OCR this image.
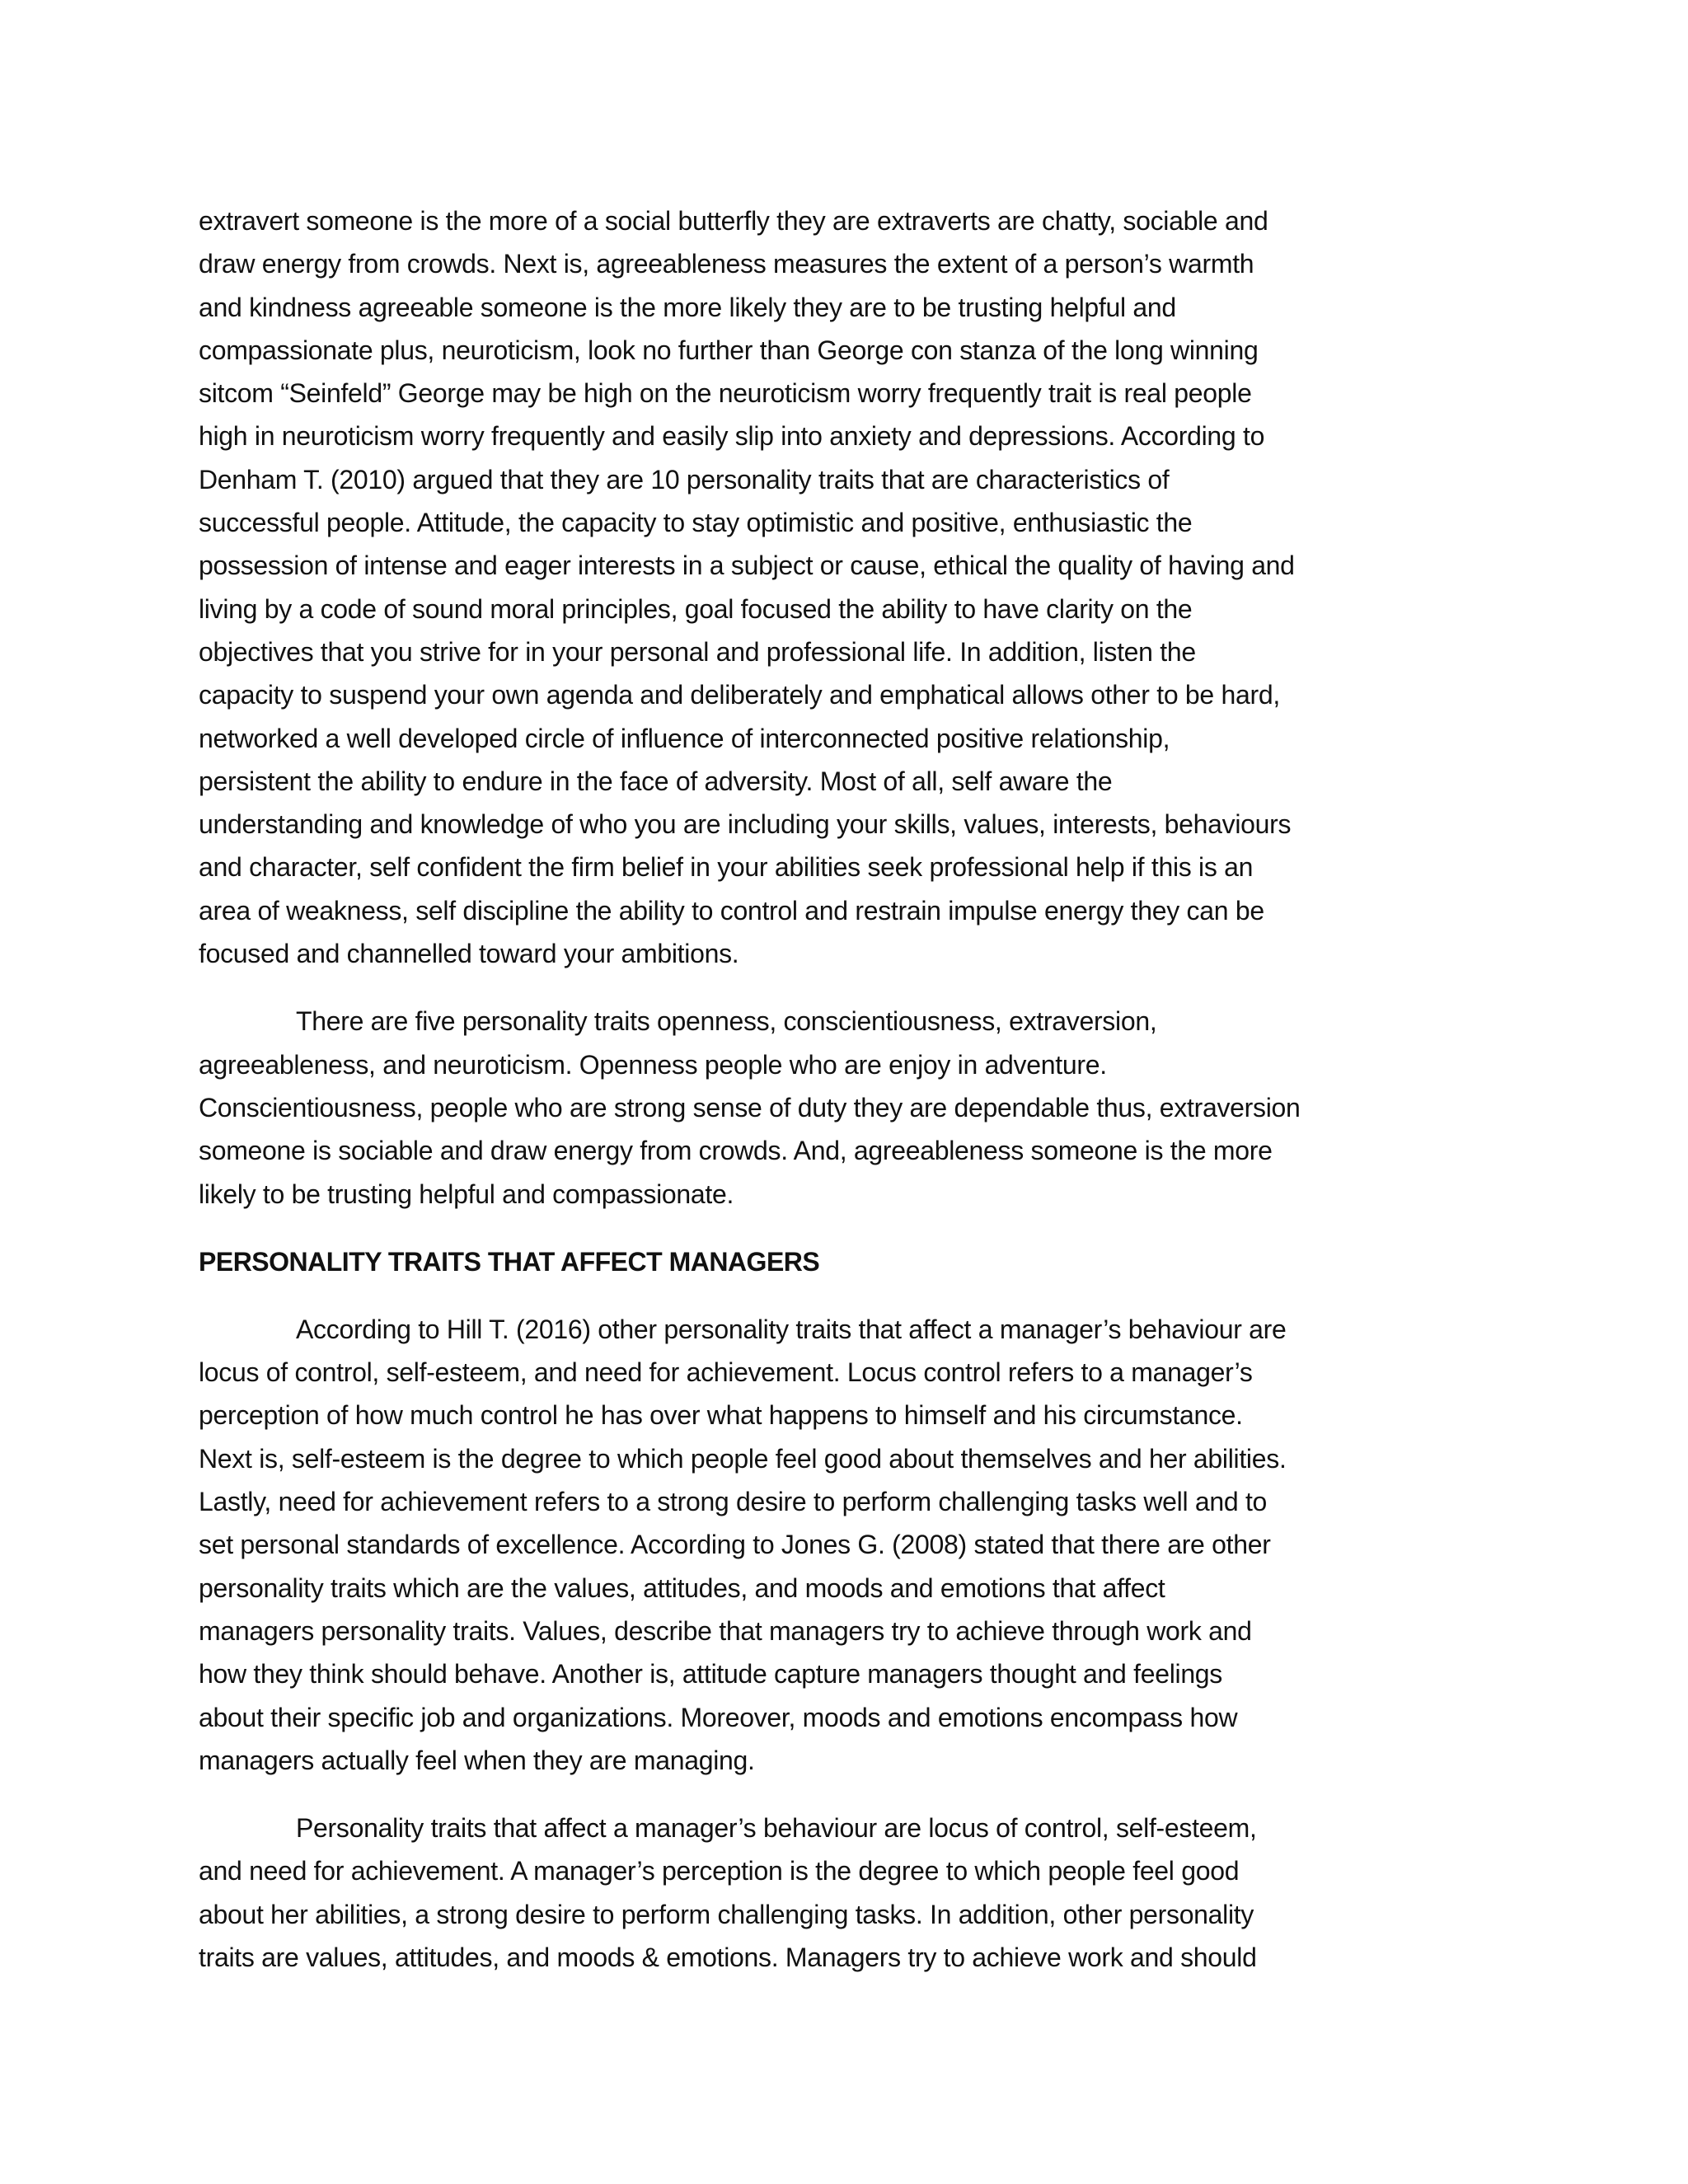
extravert someone is the more of a social butterfly they are extraverts are chatty, sociable and
draw energy from crowds. Next is, agreeableness measures the extent of a person’s warmth
and kindness agreeable someone is the more likely they are to be trusting helpful and
compassionate plus, neuroticism, look no further than George con stanza of the long winning
sitcom “Seinfeld” George may be high on the neuroticism worry frequently trait is real people
high in neuroticism worry frequently and easily slip into anxiety and depressions. According to
Denham T. (2010) argued that they are 10 personality traits that are characteristics of
successful people. Attitude, the capacity to stay optimistic and positive, enthusiastic the
possession of intense and eager interests in a subject or cause, ethical the quality of having and
living by a code of sound moral principles, goal focused the ability to have clarity on the
objectives that you strive for in your personal and professional life. In addition, listen the
capacity to suspend your own agenda and deliberately and emphatical allows other to be hard,
networked a well developed circle of influence of interconnected positive relationship,
persistent the ability to endure in the face of adversity. Most of all, self aware the
understanding and knowledge of who you are including your skills, values, interests, behaviours
and character, self confident the firm belief in your abilities seek professional help if this is an
area of weakness, self discipline the ability to control and restrain impulse energy they can be
focused and channelled toward your ambitions.
There are five personality traits openness, conscientiousness, extraversion,
agreeableness, and neuroticism. Openness people who are enjoy in adventure.
Conscientiousness, people who are strong sense of duty they are dependable thus, extraversion
someone is sociable and draw energy from crowds. And, agreeableness someone is the more
likely to be trusting helpful and compassionate.
PERSONALITY TRAITS THAT AFFECT MANAGERS
According to Hill T. (2016) other personality traits that affect a manager’s behaviour are
locus of control, self-esteem, and need for achievement. Locus control refers to a manager’s
perception of how much control he has over what happens to himself and his circumstance.
Next is, self-esteem is the degree to which people feel good about themselves and her abilities.
Lastly, need for achievement refers to a strong desire to perform challenging tasks well and to
set personal standards of excellence. According to Jones G. (2008) stated that there are other
personality traits which are the values, attitudes, and moods and emotions that affect
managers personality traits. Values, describe that managers try to achieve through work and
how they think should behave. Another is, attitude capture managers thought and feelings
about their specific job and organizations. Moreover, moods and emotions encompass how
managers actually feel when they are managing.
Personality traits that affect a manager’s behaviour are locus of control, self-esteem,
and need for achievement. A manager’s perception is the degree to which people feel good
about her abilities, a strong desire to perform challenging tasks. In addition, other personality
traits are values, attitudes, and moods & emotions. Managers try to achieve work and should
